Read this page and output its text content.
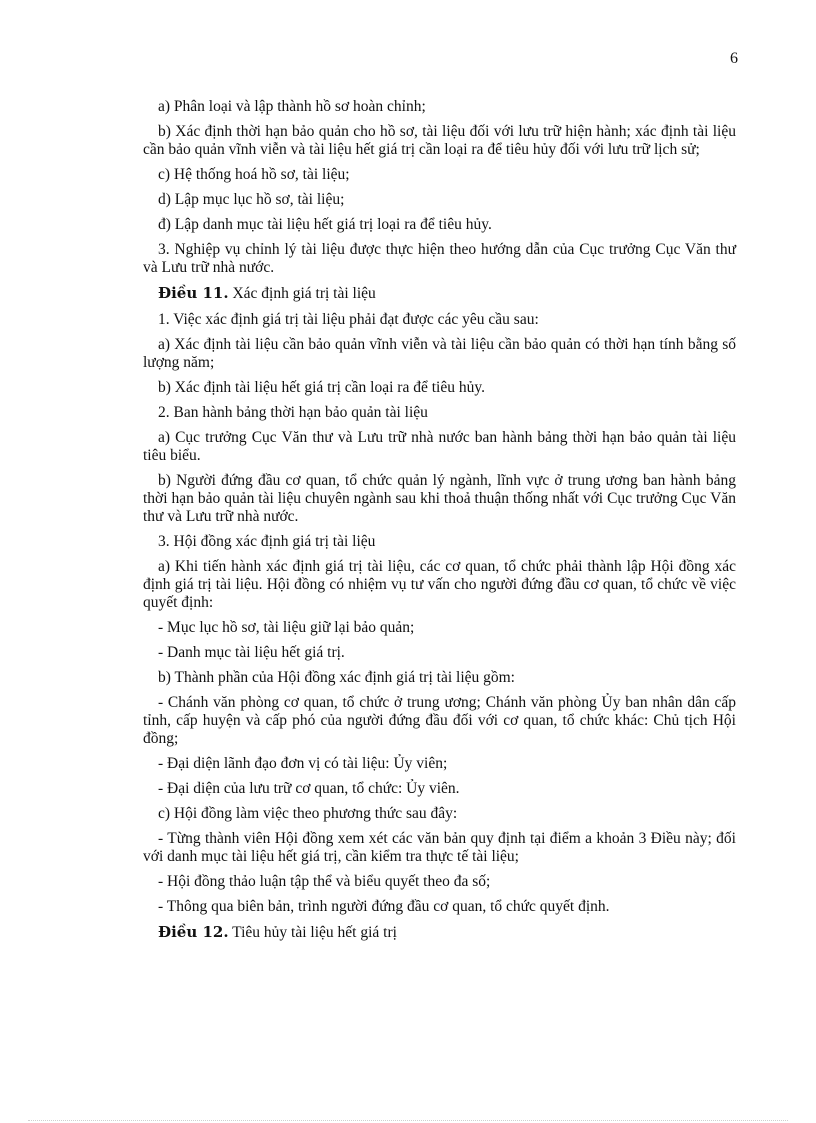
6

a) Phân loại và lập thành hồ sơ hoàn chỉnh;

b) Xác định thời hạn bảo quản cho hồ sơ, tài liệu đối với lưu trữ hiện hành; xác định tài liệu cần bảo quản vĩnh viễn và tài liệu hết giá trị cần loại ra để tiêu hủy đối với lưu trữ lịch sử;

c) Hệ thống hoá hồ sơ, tài liệu;

d) Lập mục lục hồ sơ, tài liệu;

đ) Lập danh mục tài liệu hết giá trị loại ra để tiêu hủy.

3. Nghiệp vụ chỉnh lý tài liệu được thực hiện theo hướng dẫn của Cục trưởng Cục Văn thư và Lưu trữ nhà nước.

Điều 11. Xác định giá trị tài liệu

1. Việc xác định giá trị tài liệu phải đạt được các yêu cầu sau:

a) Xác định tài liệu cần bảo quản vĩnh viễn và tài liệu cần bảo quản có thời hạn tính bằng số lượng năm;

b) Xác định tài liệu hết giá trị cần loại ra để tiêu hủy.

2. Ban hành bảng thời hạn bảo quản tài liệu

a) Cục trưởng Cục Văn thư và Lưu trữ nhà nước ban hành bảng thời hạn bảo quản tài liệu tiêu biểu.

b) Người đứng đầu cơ quan, tổ chức quản lý ngành, lĩnh vực ở trung ương ban hành bảng thời hạn bảo quản tài liệu chuyên ngành sau khi thoả thuận thống nhất với Cục trưởng Cục Văn thư và Lưu trữ nhà nước.

3. Hội đồng xác định giá trị tài liệu

a) Khi tiến hành xác định giá trị tài liệu, các cơ quan, tổ chức phải thành lập Hội đồng xác định giá trị tài liệu. Hội đồng có nhiệm vụ tư vấn cho người đứng đầu cơ quan, tổ chức về việc quyết định:

- Mục lục hồ sơ, tài liệu giữ lại bảo quản;

- Danh mục tài liệu hết giá trị.

b) Thành phần của Hội đồng xác định giá trị tài liệu gồm:

- Chánh văn phòng cơ quan, tổ chức ở trung ương; Chánh văn phòng Ủy ban nhân dân cấp tỉnh, cấp huyện và cấp phó của người đứng đầu đối với cơ quan, tổ chức khác: Chủ tịch Hội đồng;

- Đại diện lãnh đạo đơn vị có tài liệu: Ủy viên;

- Đại diện của lưu trữ cơ quan, tổ chức: Ủy viên.

c) Hội đồng làm việc theo phương thức sau đây:

- Từng thành viên Hội đồng xem xét các văn bản quy định tại điểm a khoản 3 Điều này; đối với danh mục tài liệu hết giá trị, cần kiểm tra thực tế tài liệu;

- Hội đồng thảo luận tập thể và biểu quyết theo đa số;

- Thông qua biên bản, trình người đứng đầu cơ quan, tổ chức quyết định.

Điều 12. Tiêu hủy tài liệu hết giá trị
